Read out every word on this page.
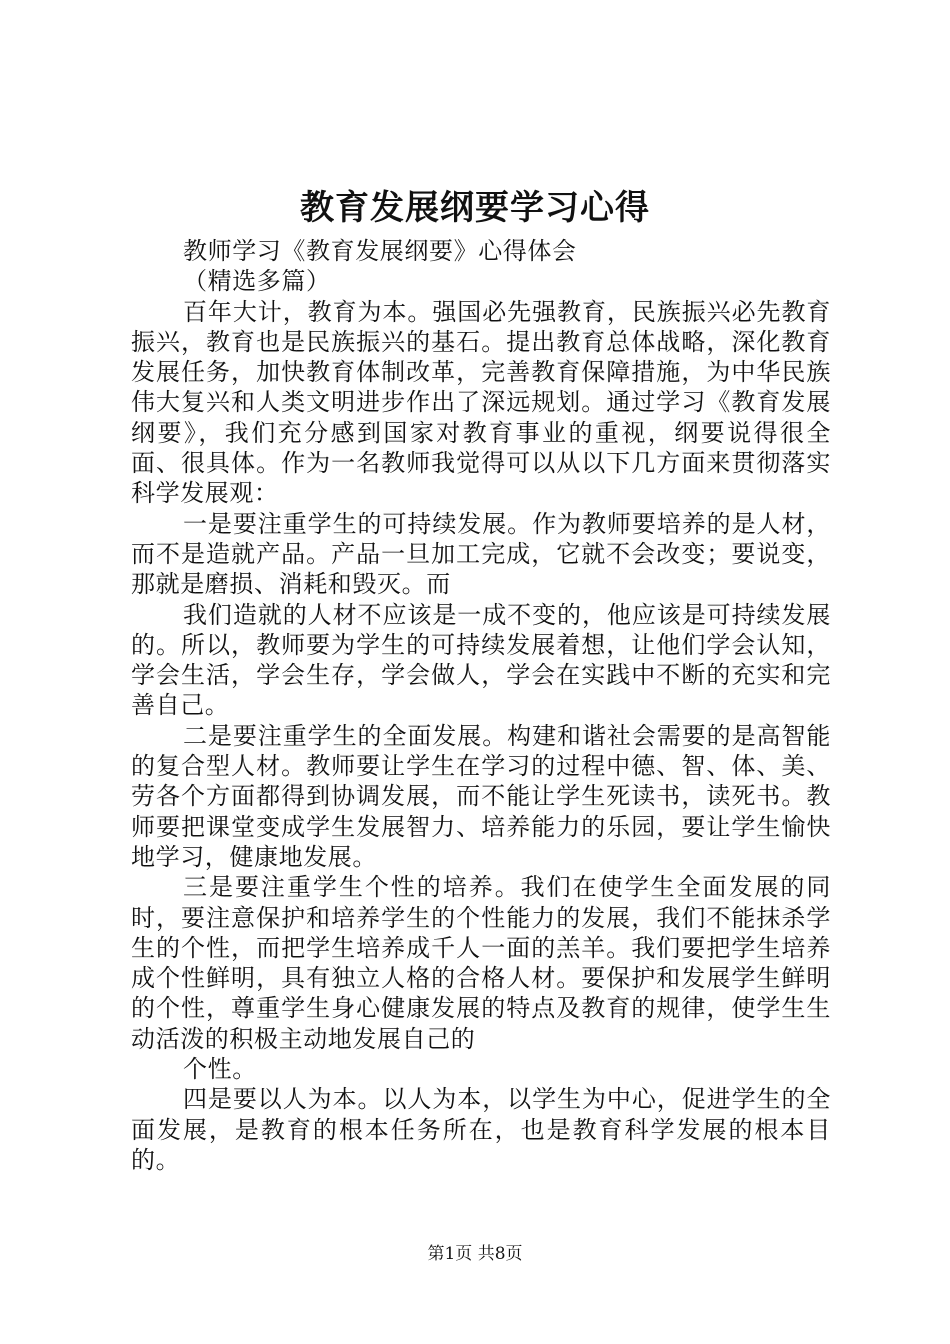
教育发展纲要学习心得

教师学习《教育发展纲要》心得体会

（精选多篇）

百年大计，教育为本。强国必先强教育，民族振兴必先教育振兴，教育也是民族振兴的基石。提出教育总体战略，深化教育发展任务，加快教育体制改革，完善教育保障措施，为中华民族伟大复兴和人类文明进步作出了深远规划。通过学习《教育发展纲要》，我们充分感到国家对教育事业的重视，纲要说得很全面、很具体。作为一名教师我觉得可以从以下几方面来贯彻落实科学发展观：

一是要注重学生的可持续发展。作为教师要培养的是人材，而不是造就产品。产品一旦加工完成，它就不会改变；要说变，那就是磨损、消耗和毁灭。而

我们造就的人材不应该是一成不变的，他应该是可持续发展的。所以，教师要为学生的可持续发展着想，让他们学会认知，学会生活，学会生存，学会做人，学会在实践中不断的充实和完善自己。

二是要注重学生的全面发展。构建和谐社会需要的是高智能的复合型人材。教师要让学生在学习的过程中德、智、体、美、劳各个方面都得到协调发展，而不能让学生死读书，读死书。教师要把课堂变成学生发展智力、培养能力的乐园，要让学生愉快地学习，健康地发展。

三是要注重学生个性的培养。我们在使学生全面发展的同时，要注意保护和培养学生的个性能力的发展，我们不能抹杀学生的个性，而把学生培养成千人一面的羔羊。我们要把学生培养成个性鲜明，具有独立人格的合格人材。要保护和发展学生鲜明的个性，尊重学生身心健康发展的特点及教育的规律，使学生生动活泼的积极主动地发展自己的

个性。

四是要以人为本。以人为本，以学生为中心，促进学生的全面发展，是教育的根本任务所在，也是教育科学发展的根本目的。

第1页 共8页
